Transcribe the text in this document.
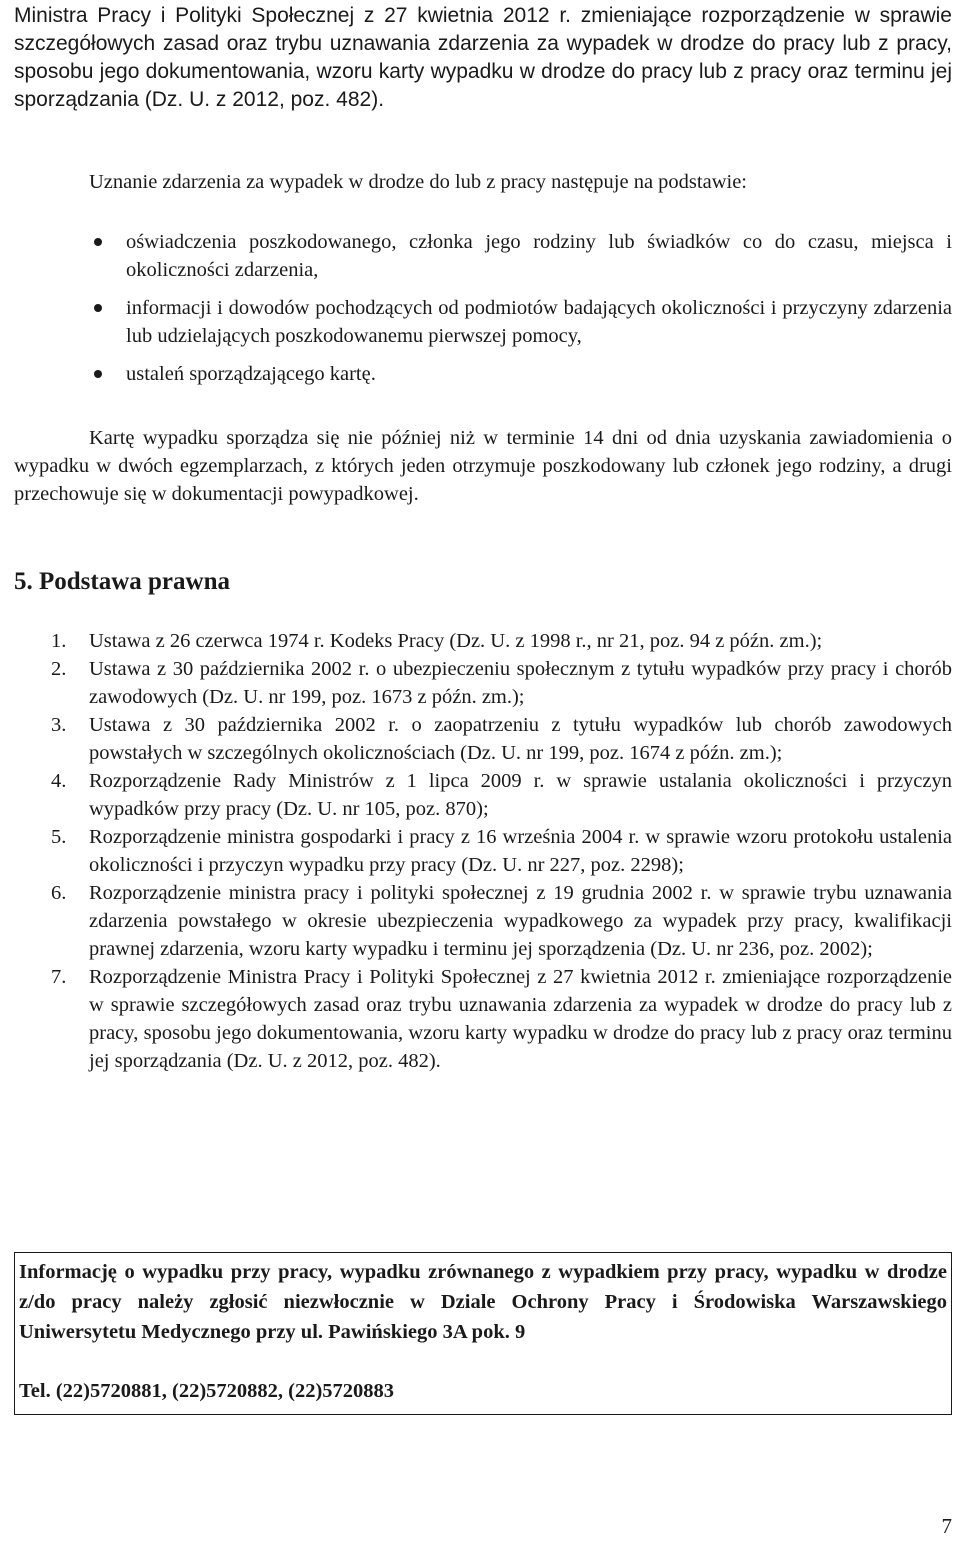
Ministra Pracy i Polityki Społecznej z 27 kwietnia 2012 r. zmieniające rozporządzenie w sprawie szczegółowych zasad oraz trybu uznawania zdarzenia za wypadek w drodze do pracy lub z pracy, sposobu jego dokumentowania, wzoru karty wypadku w drodze do pracy lub z pracy oraz terminu jej sporządzania (Dz. U. z 2012, poz. 482).

Uznanie zdarzenia za wypadek w drodze do lub z pracy następuje na podstawie:

oświadczenia poszkodowanego, członka jego rodziny lub świadków co do czasu, miejsca i okoliczności zdarzenia,
informacji i dowodów pochodzących od podmiotów badających okoliczności i przyczyny zdarzenia lub udzielających poszkodowanemu pierwszej pomocy,
ustaleń sporządzającego kartę.

Kartę wypadku sporządza się nie później niż w terminie 14 dni od dnia uzyskania zawiadomienia o wypadku w dwóch egzemplarzach, z których jeden otrzymuje poszkodowany lub członek jego rodziny, a drugi przechowuje się w dokumentacji powypadkowej.

5. Podstawa prawna
1. Ustawa z 26 czerwca 1974 r. Kodeks Pracy (Dz. U. z 1998 r., nr 21, poz. 94 z późn. zm.);
2. Ustawa z 30 października 2002 r. o ubezpieczeniu społecznym z tytułu wypadków przy pracy i chorób zawodowych (Dz. U. nr 199, poz. 1673 z późn. zm.);
3. Ustawa z 30 października 2002 r. o zaopatrzeniu z tytułu wypadków lub chorób zawodowych powstałych w szczególnych okolicznościach (Dz. U. nr 199, poz. 1674 z późn. zm.);
4. Rozporządzenie Rady Ministrów z 1 lipca 2009 r. w sprawie ustalania okoliczności i przyczyn wypadków przy pracy (Dz. U. nr 105, poz. 870);
5. Rozporządzenie ministra gospodarki i pracy z 16 września 2004 r. w sprawie wzoru protokołu ustalenia okoliczności i przyczyn wypadku przy pracy (Dz. U. nr 227, poz. 2298);
6. Rozporządzenie ministra pracy i polityki społecznej z 19 grudnia 2002 r. w sprawie trybu uznawania zdarzenia powstałego w okresie ubezpieczenia wypadkowego za wypadek przy pracy, kwalifikacji prawnej zdarzenia, wzoru karty wypadku i terminu jej sporządzenia (Dz. U. nr 236, poz. 2002);
7. Rozporządzenie Ministra Pracy i Polityki Społecznej z 27 kwietnia 2012 r. zmieniające rozporządzenie w sprawie szczegółowych zasad oraz trybu uznawania zdarzenia za wypadek w drodze do pracy lub z pracy, sposobu jego dokumentowania, wzoru karty wypadku w drodze do pracy lub z pracy oraz terminu jej sporządzania (Dz. U. z 2012, poz. 482).

Informację o wypadku przy pracy, wypadku zrównanego z wypadkiem przy pracy, wypadku w drodze z/do pracy należy zgłosić niezwłocznie w Dziale Ochrony Pracy i Środowiska Warszawskiego Uniwersytetu Medycznego przy ul. Pawińskiego 3A pok. 9

Tel. (22)5720881, (22)5720882, (22)5720883

7
